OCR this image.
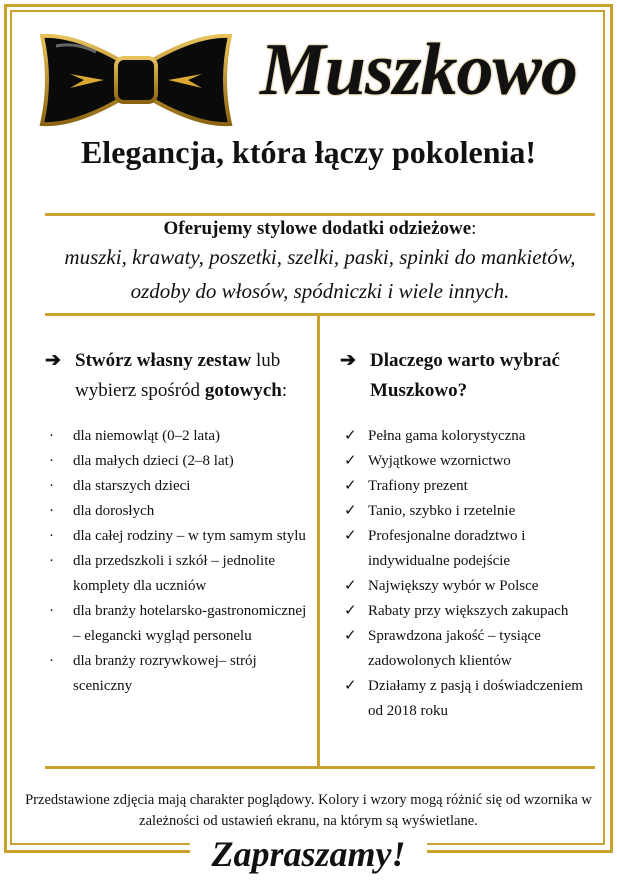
Muszkowo
Elegancja, która łączy pokolenia!
Oferujemy stylowe dodatki odzieżowe:
muszki, krawaty, poszetki, szelki, paski, spinki do mankietów,
ozdoby do włosów, spódniczki i wiele innych.
➔ Stwórz własny zestaw lub wybierz spośród gotowych:
·	dla niemowląt (0–2 lata)
·	dla małych dzieci (2–8 lat)
·	dla starszych dzieci
·	dla dorosłych
·	dla całej rodziny – w tym samym stylu
·	dla przedszkoli i szkół – jednolite komplety dla uczniów
·	dla branży hotelarsko-gastronomicznej – elegancki wygląd personelu
·	dla branży rozrywkowej– strój sceniczny
➔ Dlaczego warto wybrać Muszkowo?
✓ Pełna gama kolorystyczna
✓ Wyjątkowe wzornictwo
✓ Trafiony prezent
✓ Tanio, szybko i rzetelnie
✓ Profesjonalne doradztwo i indywidualne podejście
✓ Największy wybór w Polsce
✓ Rabaty przy większych zakupach
✓ Sprawdzona jakość – tysiące zadowolonych klientów
✓ Działamy z pasją i doświadczeniem od 2018 roku
Przedstawione zdjęcia mają charakter poglądowy. Kolory i wzory mogą różnić się od wzornika w zależności od ustawień ekranu, na którym są wyświetlane.
Zapraszamy!
